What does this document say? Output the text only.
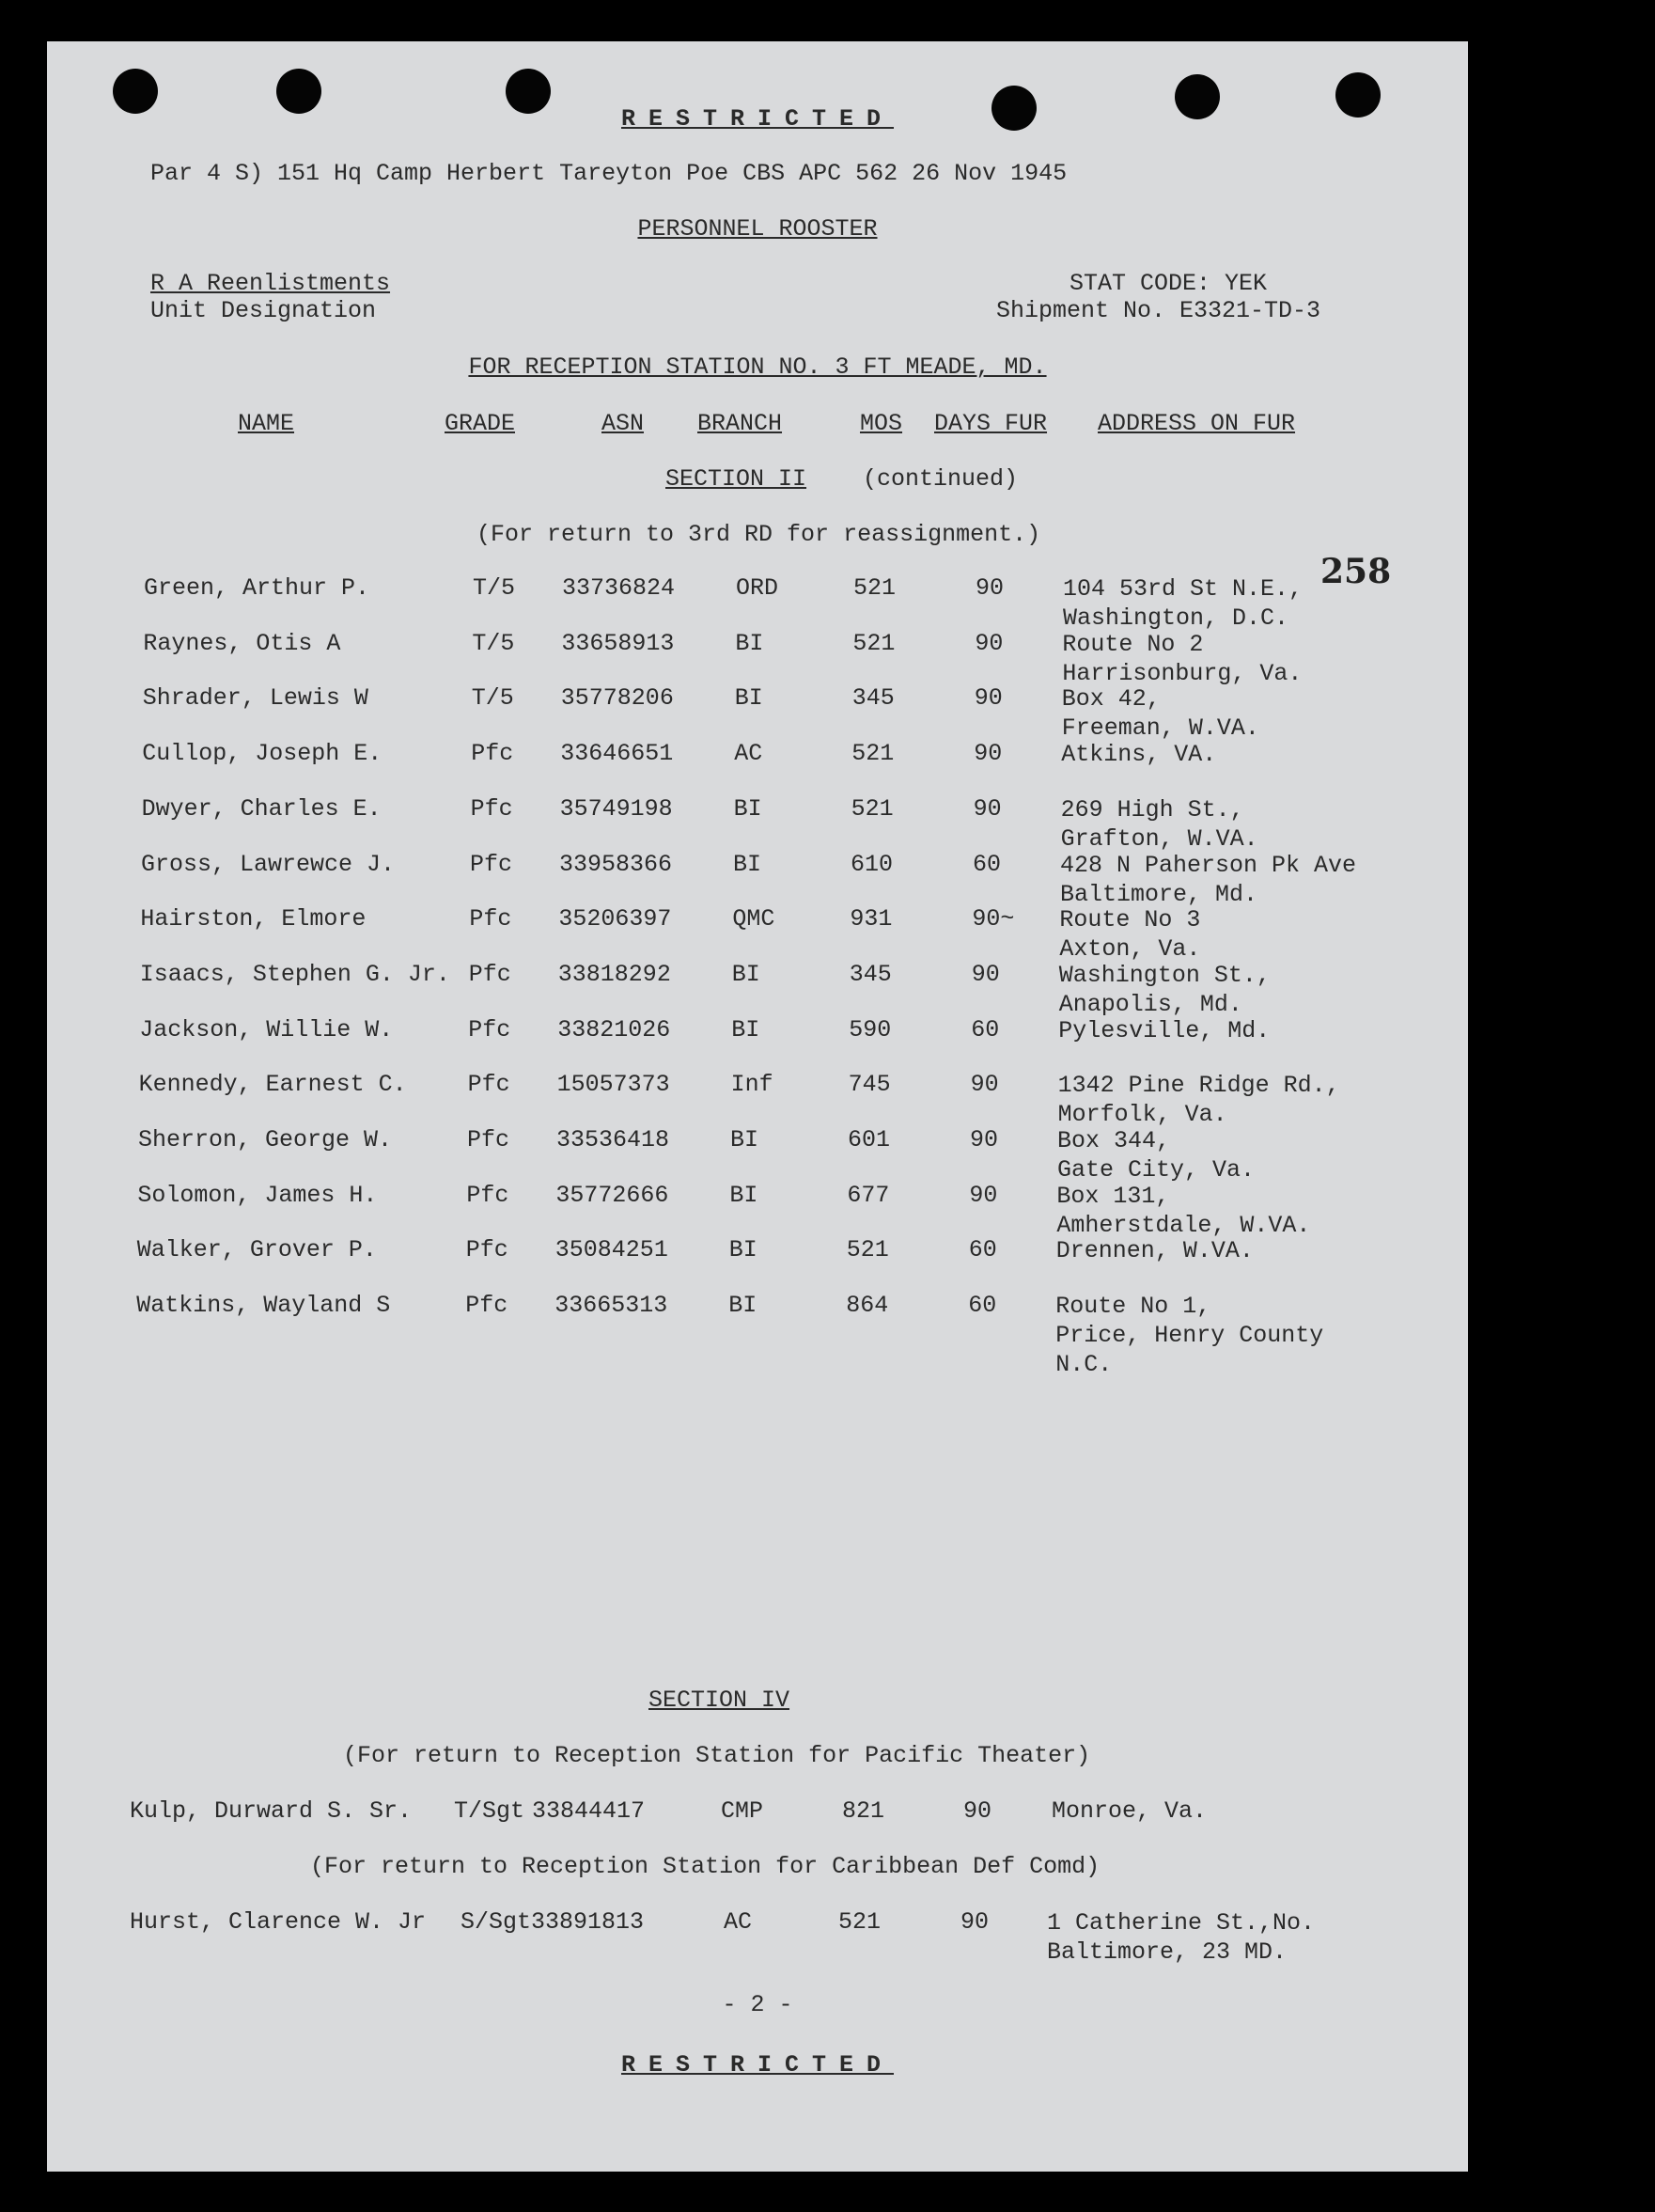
RESTRICTED
Par 4 S) 151 Hq Camp Herbert Tareyton Poe CBS APC 562 26 Nov 1945
PERSONNEL ROOSTER
R A Reenlistments
Unit Designation
STAT CODE: YEK
Shipment No. E3321-TD-3
FOR RECEPTION STATION NO. 3 FT MEADE, MD.
NAME	GRADE	ASN BRANCH	MOS DAYS FUR ADDRESS ON FUR
SECTION II (continued)
(For return to 3rd RD for reassignment.)
258
Green, Arthur P.	T/5 33736824	ORD	521	90	104 53rd St N.E.,
Washington, D.C.
Raynes, Otis A	T/5 33658913	BI	521	90	Route No 2
Harrisonburg, Va.
Shrader, Lewis W	T/5 35778206	BI	345	90	Box 42,
Freeman, W.VA.
Cullop, Joseph E.	Pfc 33646651	AC	521	90	Atkins, VA.

Dwyer, Charles E.	Pfc 35749198	BI	521	90	269 High St.,
Grafton, W.VA.
Gross, Lawrewce J.	Pfc 33958366	BI	610	60	428 N Paherson Pk Ave
Baltimore, Md.
Hairston, Elmore	Pfc 35206397	QMC	931	90~ Route No 3
Axton, Va.
Isaacs, Stephen G. Jr. Pfc 33818292	BI	345	90	Washington St.,
Anapolis, Md.
Jackson, Willie W.	Pfc 33821026	BI	590	60	Pylesville, Md.

Kennedy, Earnest C.	Pfc 15057373	Inf	745	90	1342 Pine Ridge Rd.,
Morfolk, Va.
Sherron, George W.	Pfc 33536418	BI	601	90	Box 344,
Gate City, Va.
Solomon, James H.	Pfc 35772666	BI	677	90	Box 131,
Amherstdale, W.VA.
Walker, Grover P.	Pfc 35084251	BI	521	60	Drennen, W.VA.

Watkins, Wayland S	Pfc 33665313	BI	864	60	Route No 1,
Price, Henry County
N.C.
SECTION IV
(For return to Reception Station for Pacific Theater)
Kulp, Durward S. Sr. T/Sgt 33844417	CMP	821	90	Monroe, Va.
(For return to Reception Station for Caribbean Def Comd)
Hurst, Clarence W. Jr S/Sgt 33891813	AC	521	90 1 Catherine St.,No.
Baltimore, 23 MD.
- 2 -
RESTRICTED
